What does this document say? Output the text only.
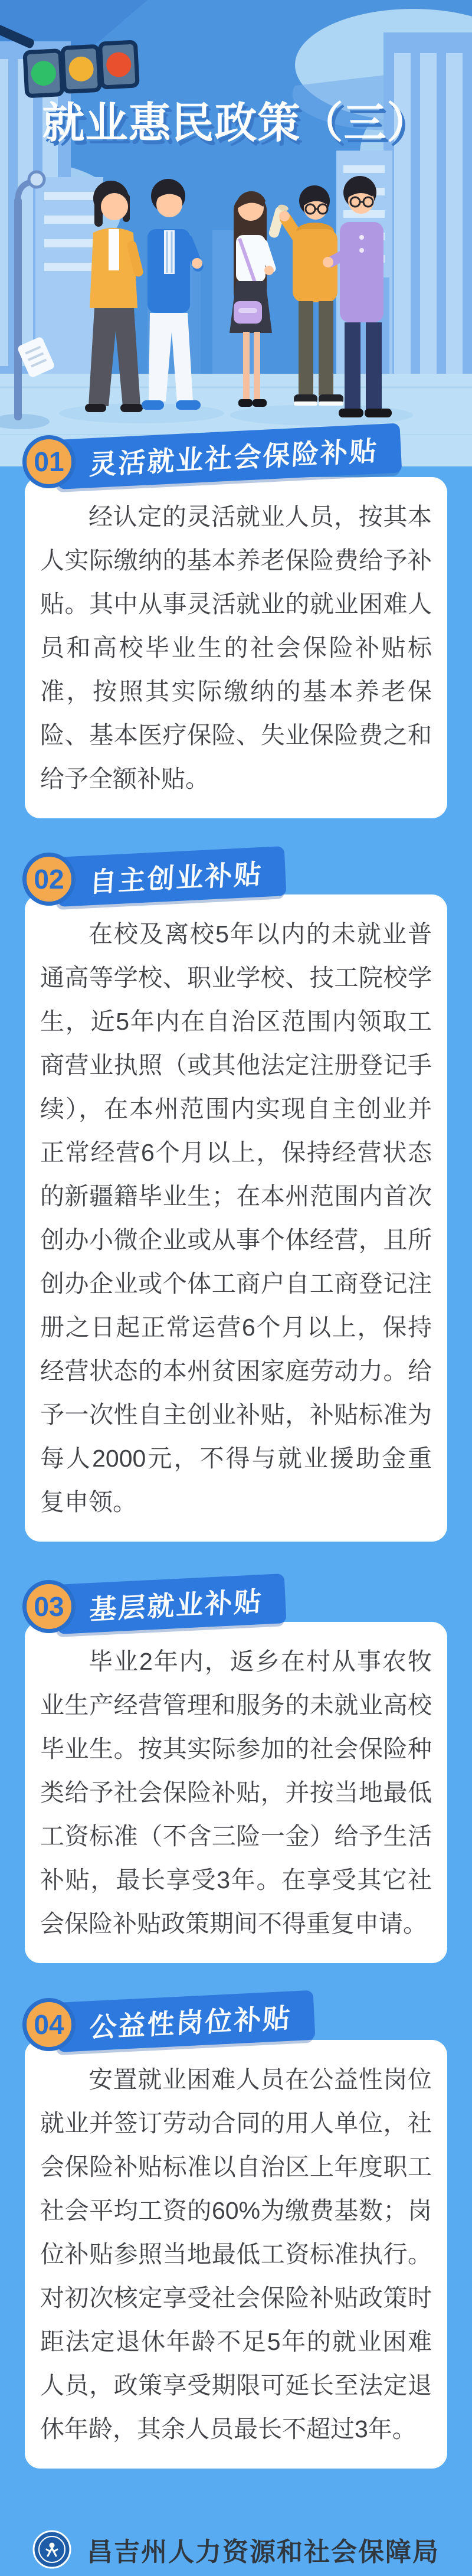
就业惠民政策（三）
01 灵活就业社会保险补贴

经认定的灵活就业人员，按其本人实际缴纳的基本养老保险费给予补贴。其中从事灵活就业的就业困难人员和高校毕业生的社会保险补贴标准，按照其实际缴纳的基本养老保险、基本医疗保险、失业保险费之和给予全额补贴。

02 自主创业补贴

在校及离校5年以内的未就业普通高等学校、职业学校、技工院校学生，近5年内在自治区范围内领取工商营业执照（或其他法定注册登记手续），在本州范围内实现自主创业并正常经营6个月以上，保持经营状态的新疆籍毕业生；在本州范围内首次创办小微企业或从事个体经营，且所创办企业或个体工商户自工商登记注册之日起正常运营6个月以上，保持经营状态的本州贫困家庭劳动力。给予一次性自主创业补贴，补贴标准为每人2000元，不得与就业援助金重复申领。

03 基层就业补贴

毕业2年内，返乡在村从事农牧业生产经营管理和服务的未就业高校毕业生。按其实际参加的社会保险种类给予社会保险补贴，并按当地最低工资标准（不含三险一金）给予生活补贴，最长享受3年。在享受其它社会保险补贴政策期间不得重复申请。

04 公益性岗位补贴

安置就业困难人员在公益性岗位就业并签订劳动合同的用人单位，社会保险补贴标准以自治区上年度职工社会平均工资的60%为缴费基数；岗位补贴参照当地最低工资标准执行。对初次核定享受社会保险补贴政策时距法定退休年龄不足5年的就业困难人员，政策享受期限可延长至法定退休年龄，其余人员最长不超过3年。

昌吉州人力资源和社会保障局
